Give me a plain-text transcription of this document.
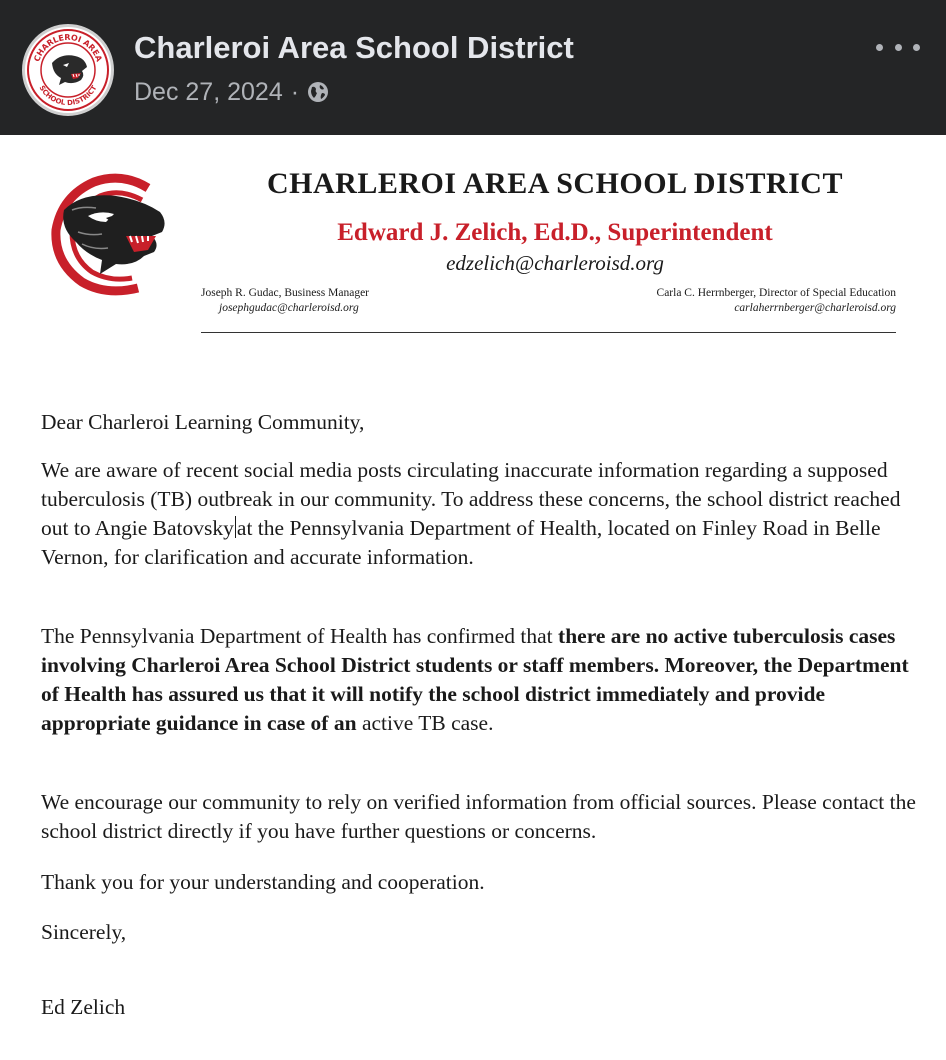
CHARLEROI AREA
SCHOOL DISTRICT
Charleroi Area School District
Dec 27, 2024 ·
CHARLEROI AREA SCHOOL DISTRICT
Edward J. Zelich, Ed.D., Superintendent
edzelich@charleroisd.org
Joseph R. Gudac, Business Manager
josephgudac@charleroisd.org
Carla C. Herrnberger, Director of Special Education
carlaherrnberger@charleroisd.org

Dear Charleroi Learning Community,

We are aware of recent social media posts circulating inaccurate information regarding a supposed tuberculosis (TB) outbreak in our community. To address these concerns, the school district reached out to Angie Batovsky at the Pennsylvania Department of Health, located on Finley Road in Belle Vernon, for clarification and accurate information.

The Pennsylvania Department of Health has confirmed that there are no active tuberculosis cases involving Charleroi Area School District students or staff members. Moreover, the Department of Health has assured us that it will notify the school district immediately and provide appropriate guidance in case of an active TB case.

We encourage our community to rely on verified information from official sources. Please contact the school district directly if you have further questions or concerns.

Thank you for your understanding and cooperation.

Sincerely,

Ed Zelich
